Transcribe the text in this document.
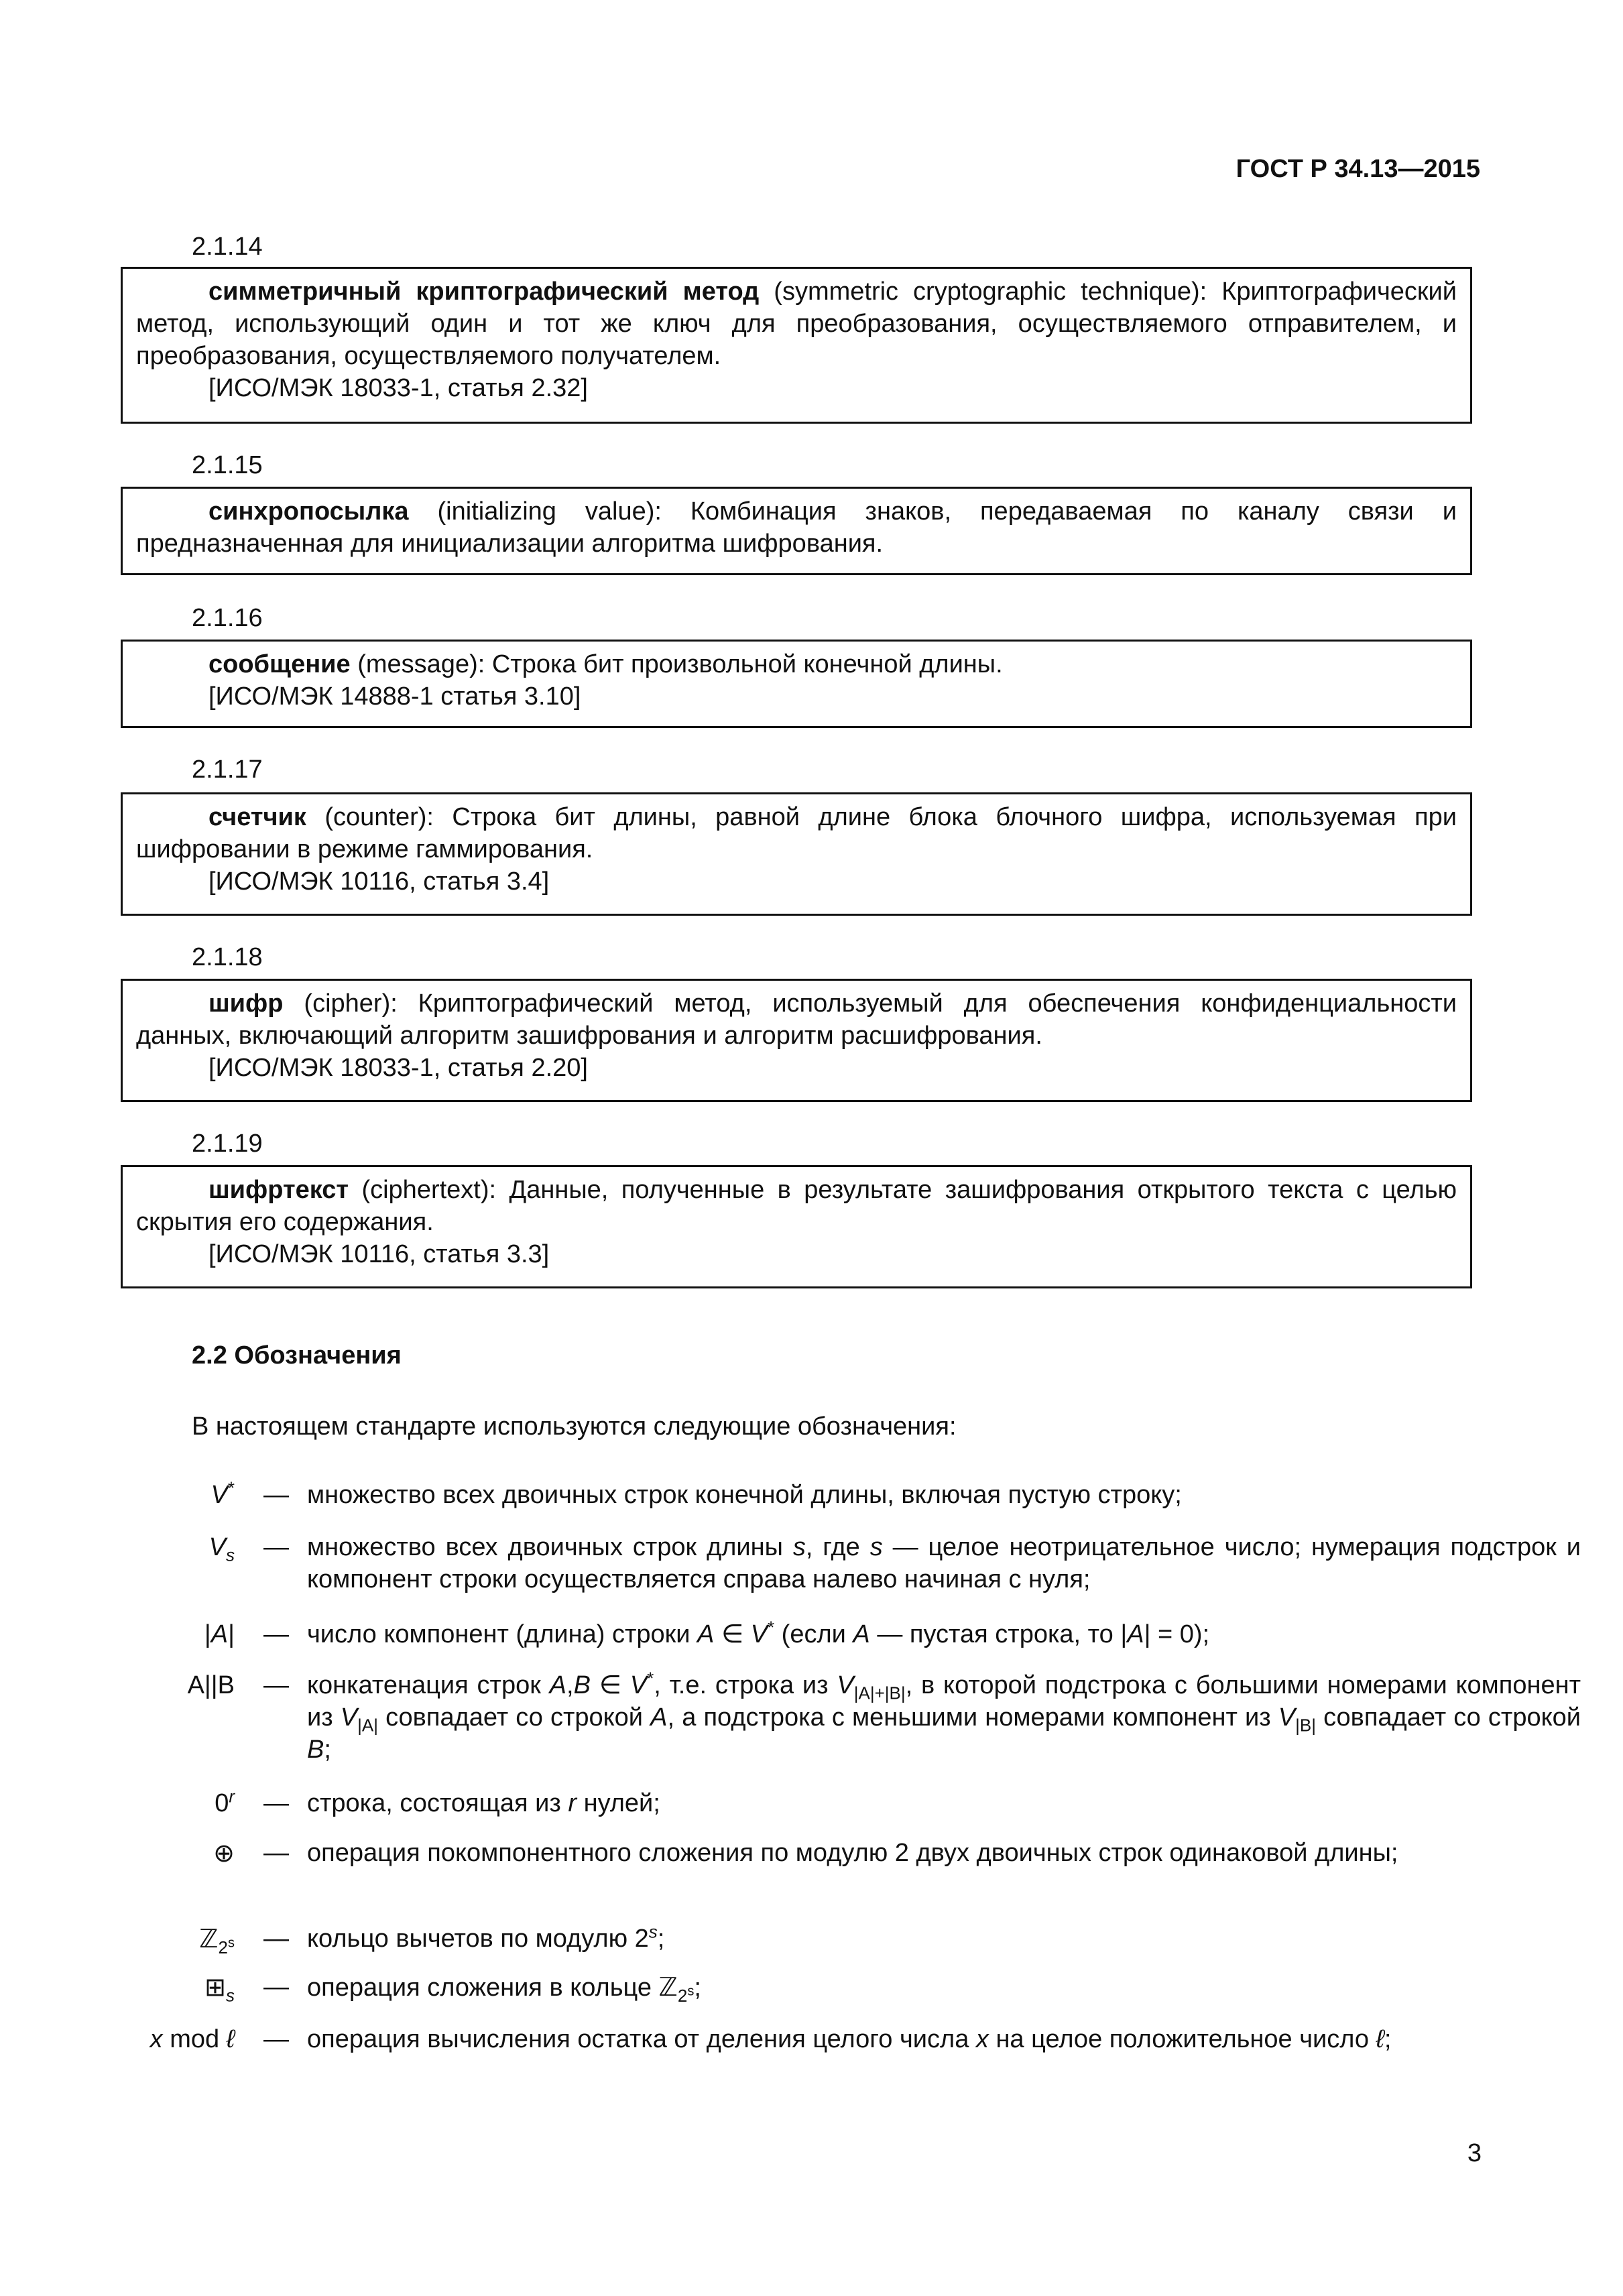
ГОСТ Р 34.13—2015
2.1.14

симметричный криптографический метод (symmetric cryptographic technique): Криптографический метод, использующий один и тот же ключ для преобразования, осуществляемого отправителем, и преобразования, осуществляемого получателем.

[ИСО/МЭК 18033-1, статья 2.32]

2.1.15

синхропосылка (initializing value): Комбинация знаков, передаваемая по каналу связи и предназначенная для инициализации алгоритма шифрования.

2.1.16

сообщение (message): Строка бит произвольной конечной длины.

[ИСО/МЭК 14888-1 статья 3.10]

2.1.17

счетчик (counter): Строка бит длины, равной длине блока блочного шифра, используемая при шифровании в режиме гаммирования.

[ИСО/МЭК 10116, статья 3.4]

2.1.18

шифр (cipher): Криптографический метод, используемый для обеспечения конфиденциальности данных, включающий алгоритм зашифрования и алгоритм расшифрования.

[ИСО/МЭК 18033-1, статья 2.20]

2.1.19

шифртекст (ciphertext): Данные, полученные в результате зашифрования открытого текста с целью скрытия его содержания.

[ИСО/МЭК 10116, статья 3.3]

2.2 Обозначения
В настоящем стандарте используются следующие обозначения:
V* — множество всех двоичных строк конечной длины, включая пустую строку;
$V_s$ — множество всех двоичных строк длины s, где s — целое неотрицательное число; нумерация подстрок и компонент строки осуществляется справа налево начиная с нуля;
|A| — число компонент (длина) строки A ∈ V* (если A — пустая строка, то |A| = 0);
A||B — конкатенация строк A,B ∈ V*, т.е. строка из $V_{|A|+|B|}$, в которой подстрока с большими номерами компонент из $V_{|A|}$ совпадает со строкой A, а подстрока с меньшими номерами компонент из $V_{|B|}$ совпадает со строкой B;
0$^r$ — строка, состоящая из r нулей;
⊕ — операция покомпонентного сложения по модулю 2 двух двоичных строк одинаковой длины;
ℤ$_{2^s}$ — кольцо вычетов по модулю 2$^s$;
$⊞_s$ — операция сложения в кольце ℤ$_{2^s}$;
x mod ℓ — операция вычисления остатка от деления целого числа x на целое положительное число ℓ;
3
